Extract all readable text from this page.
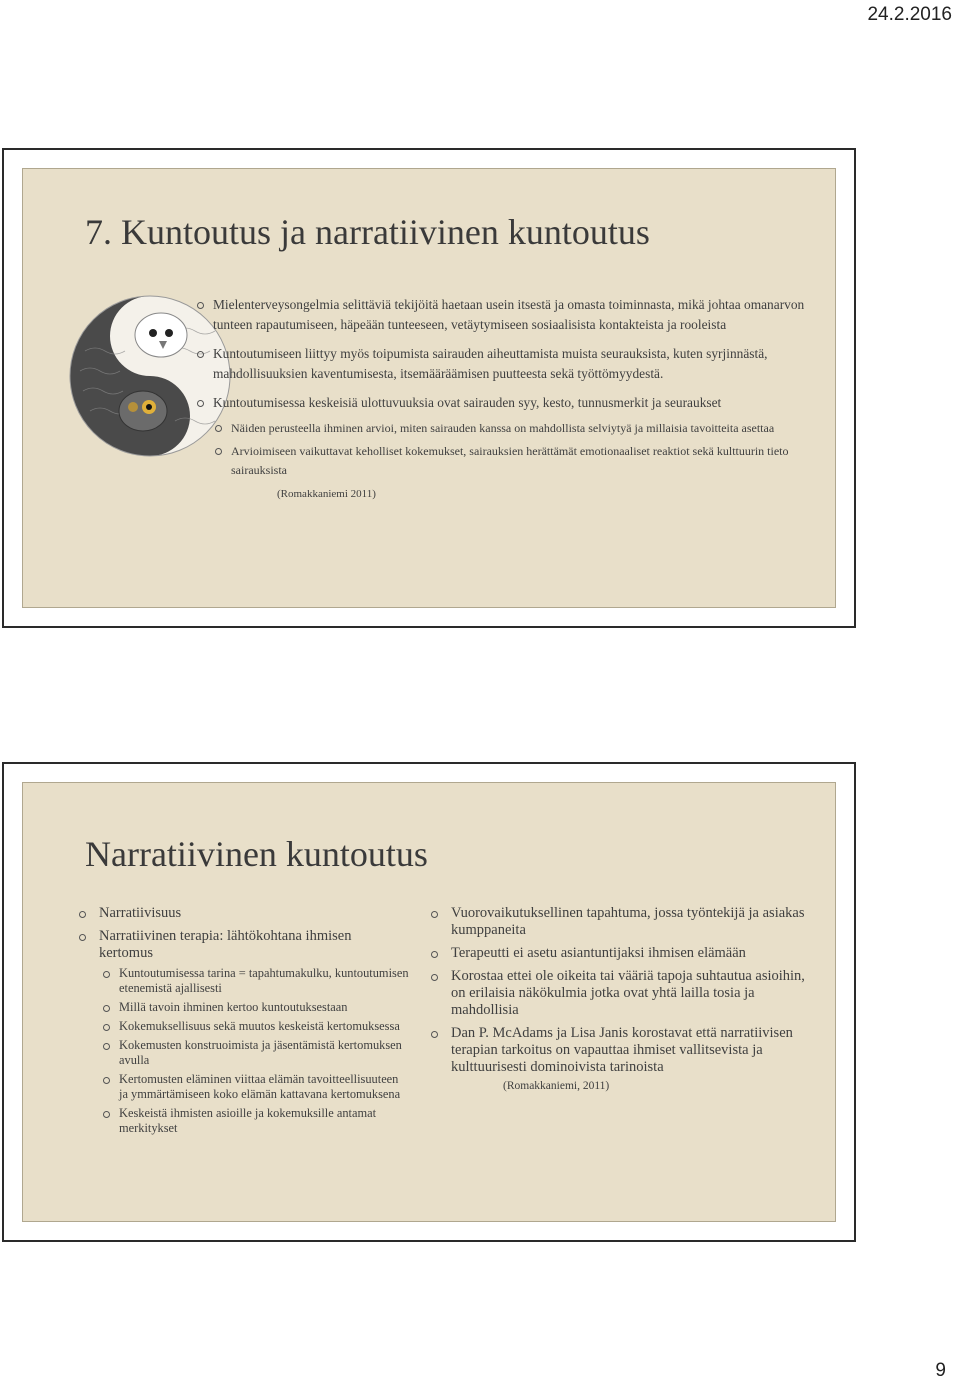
24.2.2016
7. Kuntoutus ja narratiivinen kuntoutus
Mielenterveysongelmia selittäviä tekijöitä haetaan usein itsestä ja omasta toiminnasta, mikä johtaa omanarvon tunteen rapautumiseen, häpeään tunteeseen, vetäytymiseen sosiaalisista kontakteista ja rooleista
Kuntoutumiseen liittyy myös toipumista sairauden aiheuttamista muista seurauksista, kuten syrjinnästä, mahdollisuuksien kaventumisesta, itsemääräämisen puutteesta sekä työttömyydestä.
Kuntoutumisessa keskeisiä ulottuvuuksia ovat sairauden syy, kesto, tunnusmerkit ja seuraukset
Näiden perusteella ihminen arvioi, miten sairauden kanssa on mahdollista selviytyä ja millaisia tavoitteita asettaa
Arvioimiseen vaikuttavat keholliset kokemukset, sairauksien herättämät emotionaaliset reaktiot sekä kulttuurin tieto sairauksista
(Romakkaniemi 2011)
Narratiivinen kuntoutus
Narratiivisuus
Narratiivinen terapia: lähtökohtana ihmisen kertomus
Kuntoutumisessa tarina = tapahtumakulku, kuntoutumisen etenemistä ajallisesti
Millä tavoin ihminen kertoo kuntoutuksestaan
Kokemuksellisuus sekä muutos keskeistä kertomuksessa
Kokemusten konstruoimista ja jäsentämistä kertomuksen avulla
Kertomusten eläminen viittaa elämän tavoitteellisuuteen ja ymmärtämiseen koko elämän kattavana kertomuksena
Keskeistä ihmisten asioille ja kokemuksille antamat merkitykset
Vuorovaikutuksellinen tapahtuma, jossa työntekijä ja asiakas kumppaneita
Terapeutti ei asetu asiantuntijaksi ihmisen elämään
Korostaa ettei ole oikeita tai vääriä tapoja suhtautua asioihin, on erilaisia näkökulmia jotka ovat yhtä lailla tosia ja mahdollisia
Dan P. McAdams ja Lisa Janis korostavat että narratiivisen terapian tarkoitus on vapauttaa ihmiset vallitsevista ja kulttuurisesti dominoivista tarinoista
(Romakkaniemi, 2011)
9
